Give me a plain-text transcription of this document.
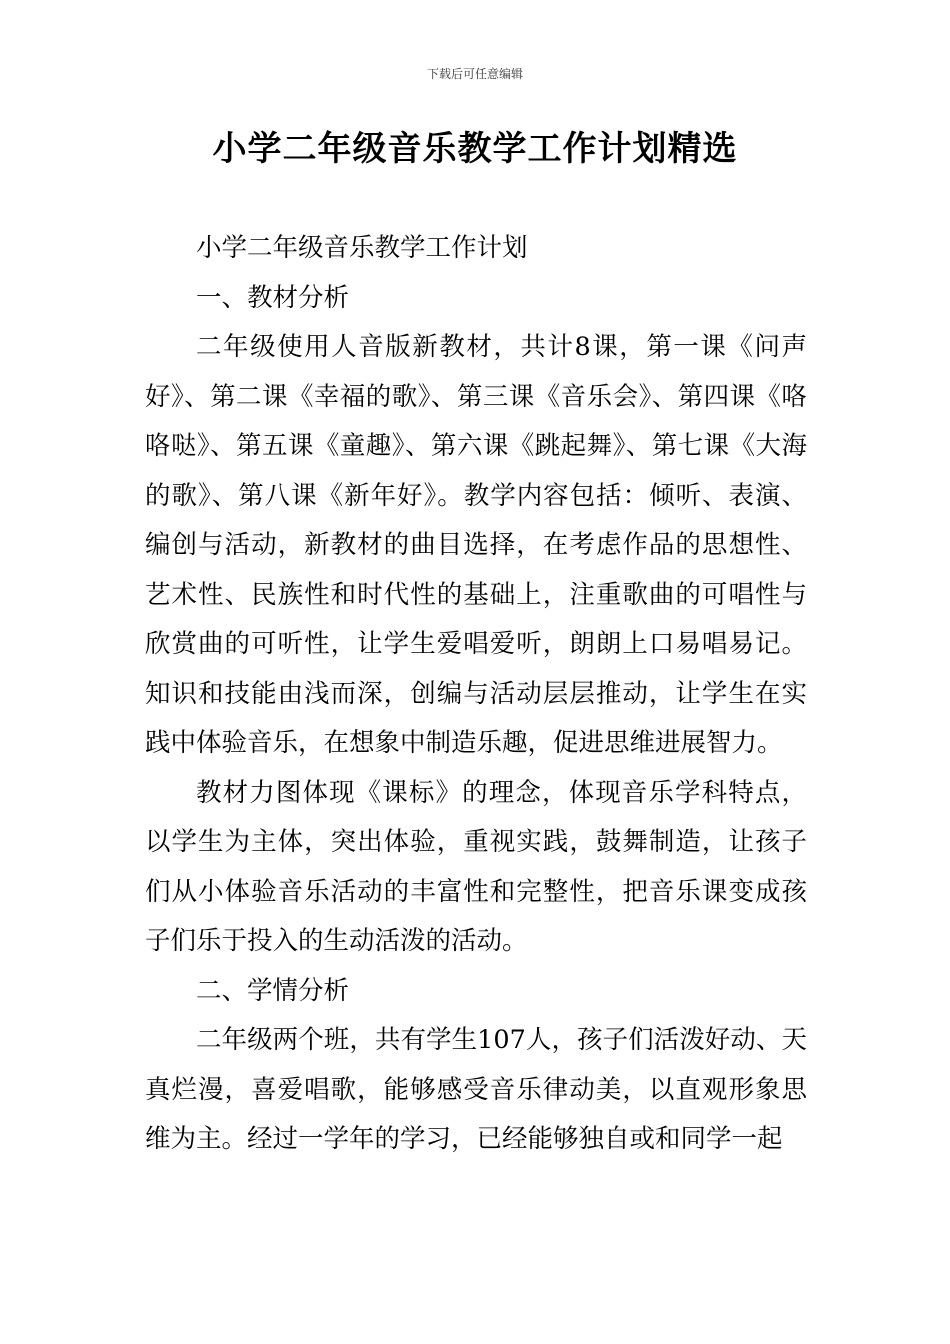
下载后可任意编辑
小学二年级音乐教学工作计划精选

小学二年级音乐教学工作计划

一、教材分析

二年级使用人音版新教材，共计8课，第一课《问声好》、第二课《幸福的歌》、第三课《音乐会》、第四课《咯咯哒》、第五课《童趣》、第六课《跳起舞》、第七课《大海的歌》、第八课《新年好》。教学内容包括：倾听、表演、编创与活动，新教材的曲目选择，在考虑作品的思想性、艺术性、民族性和时代性的基础上，注重歌曲的可唱性与欣赏曲的可听性，让学生爱唱爱听，朗朗上口易唱易记。知识和技能由浅而深，创编与活动层层推动，让学生在实践中体验音乐，在想象中制造乐趣，促进思维进展智力。

教材力图体现《课标》的理念，体现音乐学科特点，以学生为主体，突出体验，重视实践，鼓舞制造，让孩子们从小体验音乐活动的丰富性和完整性，把音乐课变成孩子们乐于投入的生动活泼的活动。

二、学情分析

二年级两个班，共有学生107人，孩子们活泼好动、天真烂漫，喜爱唱歌，能够感受音乐律动美，以直观形象思维为主。经过一学年的学习，已经能够独自或和同学一起
